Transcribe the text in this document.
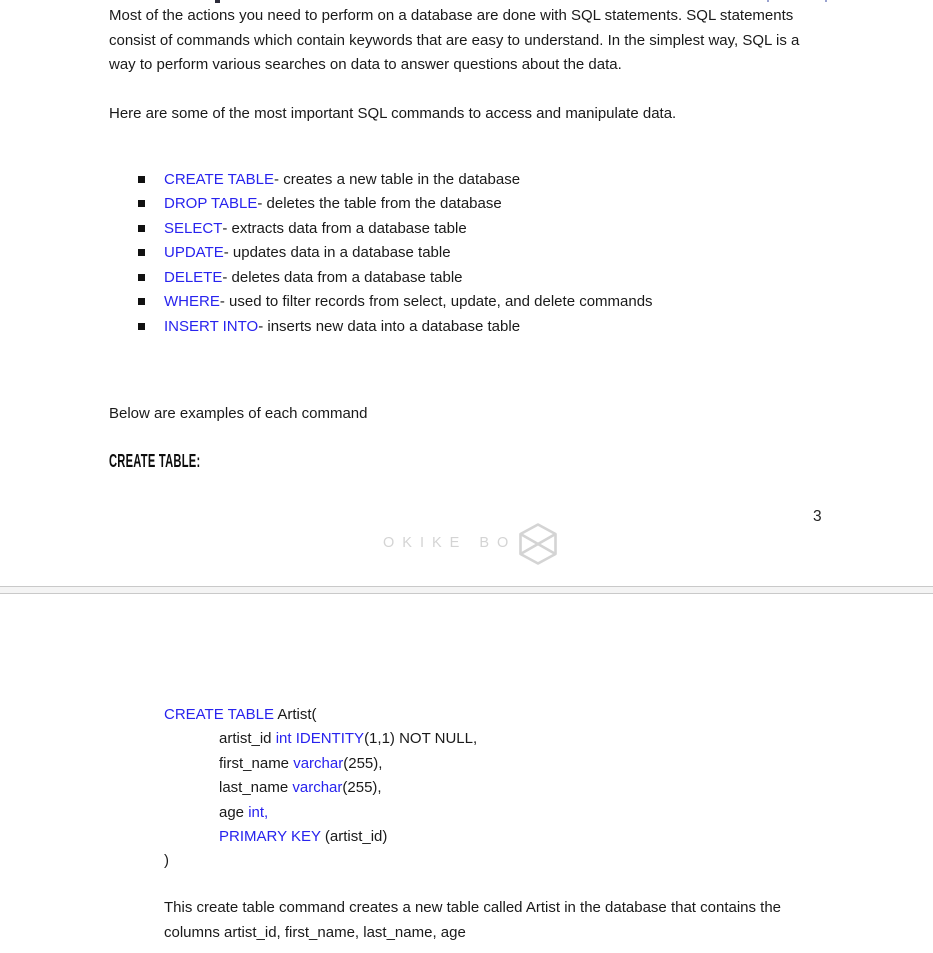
Most of the actions you need to perform on a database are done with SQL statements. SQL statements consist of commands which contain keywords that are easy to understand. In the simplest way, SQL is a way to perform various searches on data to answer questions about the data.
Here are some of the most important SQL commands to access and manipulate data.
CREATE TABLE - creates a new table in the database
DROP TABLE - deletes the table from the database
SELECT - extracts data from a database table
UPDATE - updates data in a database table
DELETE - deletes data from a database table
WHERE - used to filter records from select, update, and delete commands
INSERT INTO - inserts new data into a database table
Below are examples of each command
CREATE TABLE:
3
OKIKE BO
CREATE TABLE Artist(
artist_id int IDENTITY(1,1) NOT NULL,
first_name varchar(255),
last_name varchar(255),
age int,
PRIMARY KEY (artist_id)
)
This create table command creates a new table called Artist in the database that contains the columns artist_id, first_name, last_name, age
